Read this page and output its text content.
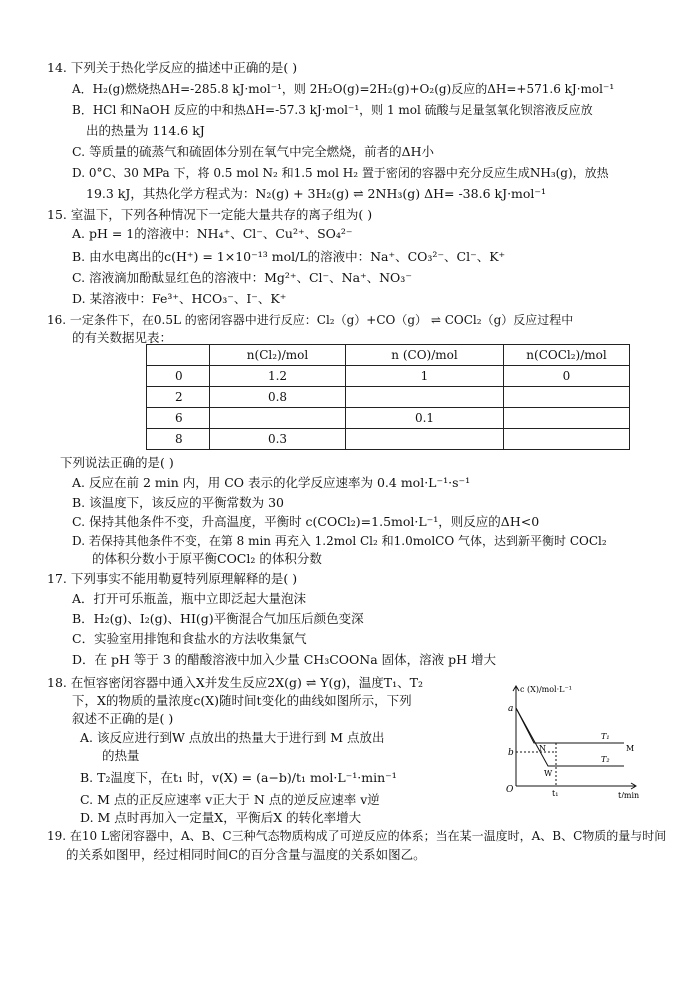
14. 下列关于热化学反应的描述中正确的是( )
A．H₂(g)燃烧热ΔH=-285.8 kJ·mol⁻¹，则 2H₂O(g)=2H₂(g)+O₂(g)反应的ΔH=+571.6 kJ·mol⁻¹
B．HCl 和NaOH 反应的中和热ΔH=-57.3 kJ·mol⁻¹，则 1 mol 硫酸与足量氢氧化钡溶液反应放
出的热量为 114.6 kJ
C. 等质量的硫蒸气和硫固体分别在氧气中完全燃烧，前者的ΔH小
D. 0°C、30 MPa 下，将 0.5 mol N₂ 和1.5 mol H₂ 置于密闭的容器中充分反应生成NH₃(g)，放热
19.3 kJ，其热化学方程式为：N₂(g) + 3H₂(g) ⇌ 2NH₃(g) ΔH= -38.6 kJ·mol⁻¹
15. 室温下，下列各种情况下一定能大量共存的离子组为( )
A. pH = 1的溶液中：NH₄⁺、Cl⁻、Cu²⁺、SO₄²⁻
B. 由水电离出的c(H⁺) = 1×10⁻¹³ mol/L的溶液中：Na⁺、CO₃²⁻、Cl⁻、K⁺
C. 溶液滴加酚酞显红色的溶液中：Mg²⁺、Cl⁻、Na⁺、NO₃⁻
D. 某溶液中：Fe³⁺、HCO₃⁻、I⁻、K⁺
16. 一定条件下，在0.5L 的密闭容器中进行反应：Cl₂（g）+CO（g） ⇌ COCl₂（g）反应过程中
的有关数据见表：
	n(Cl₂)/mol	n (CO)/mol	n(COCl₂)/mol
0	1.2	1	0
2	0.8		
6		0.1	
8	0.3		
下列说法正确的是( )
A. 反应在前 2 min 内，用 CO 表示的化学反应速率为 0.4 mol·L⁻¹·s⁻¹
B. 该温度下，该反应的平衡常数为 30
C. 保持其他条件不变，升高温度，平衡时 c(COCl₂)=1.5mol·L⁻¹，则反应的ΔH<0
D. 若保持其他条件不变，在第 8 min 再充入 1.2mol Cl₂ 和1.0molCO 气体，达到新平衡时 COCl₂
的体积分数小于原平衡COCl₂ 的体积分数
17. 下列事实不能用勒夏特列原理解释的是( )
A．打开可乐瓶盖，瓶中立即泛起大量泡沫
B．H₂(g)、I₂(g)、HI(g)平衡混合气加压后颜色变深
C．实验室用排饱和食盐水的方法收集氯气
D．在 pH 等于 3 的醋酸溶液中加入少量 CH₃COONa 固体，溶液 pH 增大
18. 在恒容密闭容器中通入X并发生反应2X(g) ⇌ Y(g)，温度T₁、T₂
下，X的物质的量浓度c(X)随时间t变化的曲线如图所示，下列
叙述不正确的是( )
A. 该反应进行到W 点放出的热量大于进行到 M 点放出
的热量
B. T₂温度下，在t₁ 时，v(X) = (a−b)/t₁ mol·L⁻¹·min⁻¹
C. M 点的正反应速率 v正大于 N 点的逆反应速率 v逆
D. M 点时再加入一定量X，平衡后X 的转化率增大
c (X)/mol·L⁻¹
t/min
a
b
O	t₁
T₁
T₂
M
N
W
19. 在10 L密闭容器中，A、B、C三种气态物质构成了可逆反应的体系；当在某一温度时，A、B、C物质的量与时间
的关系如图甲，经过相同时间C的百分含量与温度的关系如图乙。
